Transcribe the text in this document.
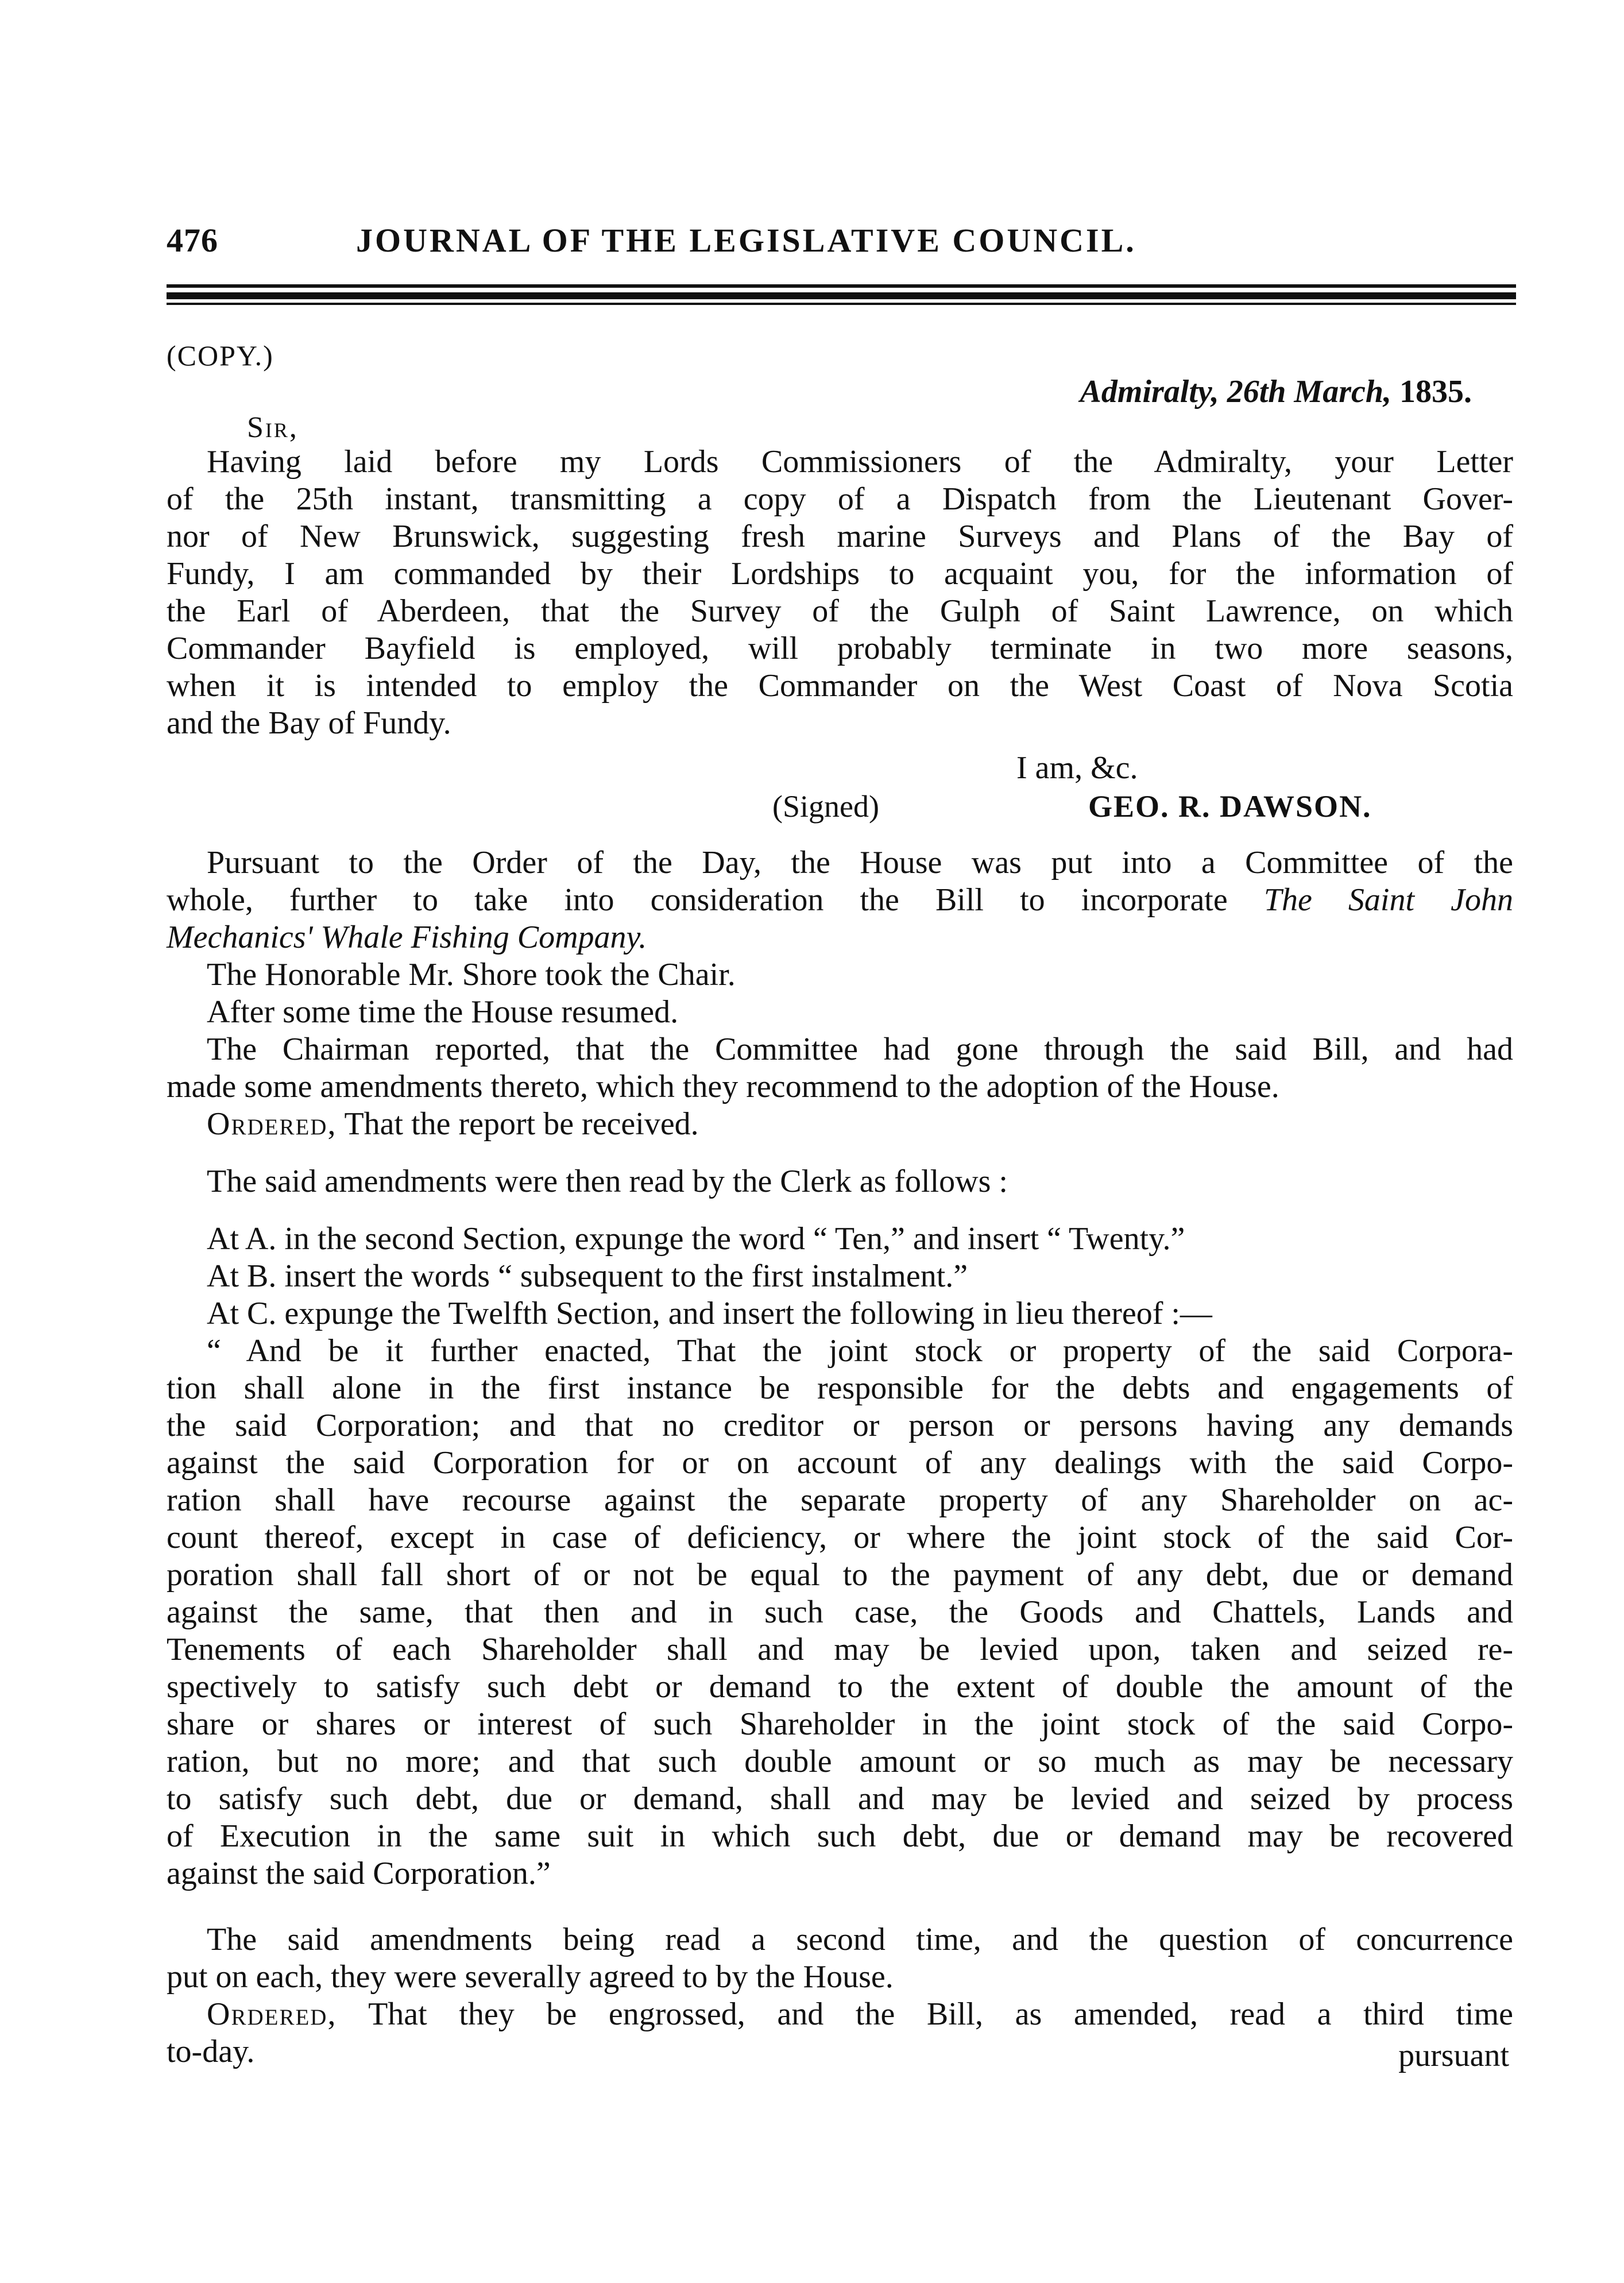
476	JOURNAL OF THE LEGISLATIVE COUNCIL.
(COPY.)
Admiralty, 26th March, 1835.
Sir,
Having laid before my Lords Commissioners of the Admiralty, your Letter
of the 25th instant, transmitting a copy of a Dispatch from the Lieutenant Gover-
nor of New Brunswick, suggesting fresh marine Surveys and Plans of the Bay of
Fundy, I am commanded by their Lordships to acquaint you, for the information of
the Earl of Aberdeen, that the Survey of the Gulph of Saint Lawrence, on which
Commander Bayfield is employed, will probably terminate in two more seasons,
when it is intended to employ the Commander on the West Coast of Nova Scotia
and the Bay of Fundy.
I am, &c.
(Signed)	GEO. R. DAWSON.
Pursuant to the Order of the Day, the House was put into a Committee of the
whole, further to take into consideration the Bill to incorporate The Saint John
Mechanics' Whale Fishing Company.
The Honorable Mr. Shore took the Chair.
After some time the House resumed.
The Chairman reported, that the Committee had gone through the said Bill, and had
made some amendments thereto, which they recommend to the adoption of the House.
Ordered, That the report be received.
The said amendments were then read by the Clerk as follows :
At A. in the second Section, expunge the word “ Ten,” and insert “ Twenty.”
At B. insert the words “ subsequent to the first instalment.”
At C. expunge the Twelfth Section, and insert the following in lieu thereof :—
“ And be it further enacted, That the joint stock or property of the said Corpora-
tion shall alone in the first instance be responsible for the debts and engagements of
the said Corporation; and that no creditor or person or persons having any demands
against the said Corporation for or on account of any dealings with the said Corpo-
ration shall have recourse against the separate property of any Shareholder on ac-
count thereof, except in case of deficiency, or where the joint stock of the said Cor-
poration shall fall short of or not be equal to the payment of any debt, due or demand
against the same, that then and in such case, the Goods and Chattels, Lands and
Tenements of each Shareholder shall and may be levied upon, taken and seized re-
spectively to satisfy such debt or demand to the extent of double the amount of the
share or shares or interest of such Shareholder in the joint stock of the said Corpo-
ration, but no more; and that such double amount or so much as may be necessary
to satisfy such debt, due or demand, shall and may be levied and seized by process
of Execution in the same suit in which such debt, due or demand may be recovered
against the said Corporation.”
The said amendments being read a second time, and the question of concurrence
put on each, they were severally agreed to by the House.
Ordered, That they be engrossed, and the Bill, as amended, read a third time
to-day.	pursuant
